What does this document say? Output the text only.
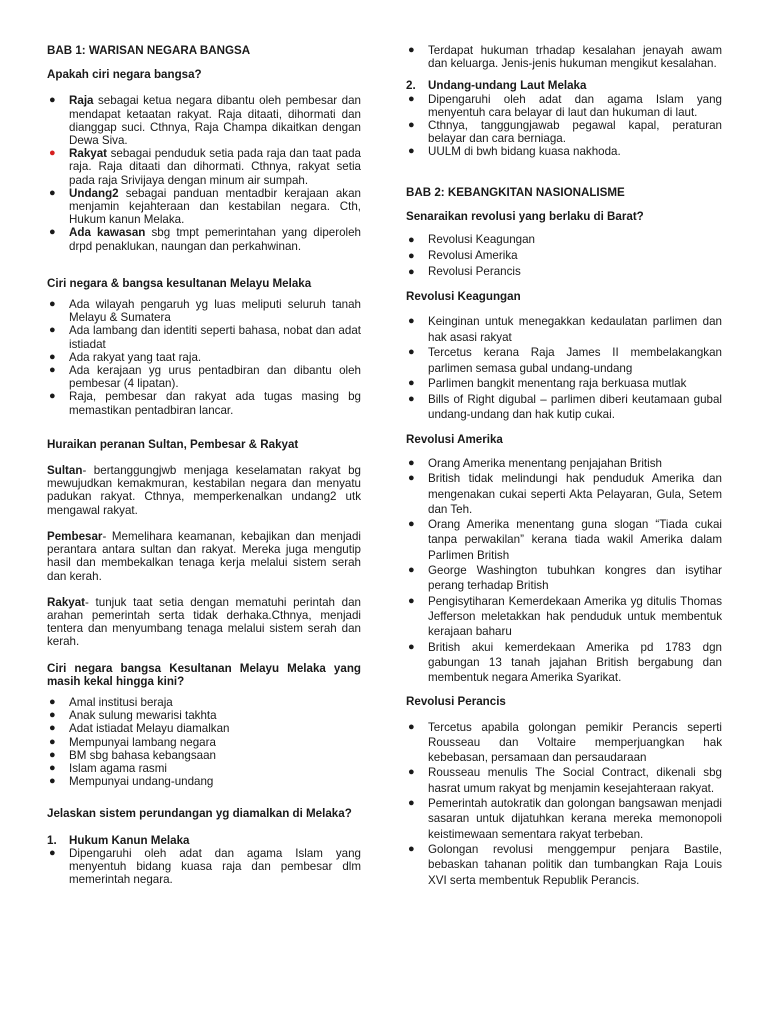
BAB 1: WARISAN NEGARA BANGSA

Apakah ciri negara bangsa?

● Raja sebagai ketua negara dibantu oleh pembesar dan mendapat ketaatan rakyat. Raja ditaati, dihormati dan dianggap suci. Cthnya, Raja Champa dikaitkan dengan Dewa Siva.
● Rakyat sebagai penduduk setia pada raja dan taat pada raja. Raja ditaati dan dihormati. Cthnya, rakyat setia pada raja Srivijaya dengan minum air sumpah.
● Undang2 sebagai panduan mentadbir kerajaan akan menjamin kejahteraan dan kestabilan negara. Cth, Hukum kanun Melaka.
● Ada kawasan sbg tmpt pemerintahan yang diperoleh drpd penaklukan, naungan dan perkahwinan.

Ciri negara & bangsa kesultanan Melayu Melaka

● Ada wilayah pengaruh yg luas meliputi seluruh tanah Melayu & Sumatera
● Ada lambang dan identiti seperti bahasa, nobat dan adat istiadat
● Ada rakyat yang taat raja.
● Ada kerajaan yg urus pentadbiran dan dibantu oleh pembesar (4 lipatan).
● Raja, pembesar dan rakyat ada tugas masing bg memastikan pentadbiran lancar.

Huraikan peranan Sultan, Pembesar & Rakyat

Sultan- bertanggungjwb menjaga keselamatan rakyat bg mewujudkan kemakmuran, kestabilan negara dan menyatu padukan rakyat. Cthnya, memperkenalkan undang2 utk mengawal rakyat.

Pembesar- Memelihara keamanan, kebajikan dan menjadi perantara antara sultan dan rakyat. Mereka juga mengutip hasil dan membekalkan tenaga kerja melalui sistem serah dan kerah.

Rakyat- tunjuk taat setia dengan mematuhi perintah dan arahan pemerintah serta tidak derhaka.Cthnya, menjadi tentera dan menyumbang tenaga melalui sistem serah dan kerah.

Ciri negara bangsa Kesultanan Melayu Melaka yang masih kekal hingga kini?

● Amal institusi beraja
● Anak sulung mewarisi takhta
● Adat istiadat Melayu diamalkan
● Mempunyai lambang negara
● BM sbg bahasa kebangsaan
● Islam agama rasmi
● Mempunyai undang-undang

Jelaskan sistem perundangan yg diamalkan di Melaka?

1. Hukum Kanun Melaka

● Dipengaruhi oleh adat dan agama Islam yang menyentuh bidang kuasa raja dan pembesar dlm memerintah negara.
● Terdapat hukuman trhadap kesalahan jenayah awam dan keluarga. Jenis-jenis hukuman mengikut kesalahan.

2. Undang-undang Laut Melaka

● Dipengaruhi oleh adat dan agama Islam yang menyentuh cara belayar di laut dan hukuman di laut.
● Cthnya, tanggungjawab pegawal kapal, peraturan belayar dan cara berniaga.
● UULM di bwh bidang kuasa nakhoda.

BAB 2: KEBANGKITAN NASIONALISME

Senaraikan revolusi yang berlaku di Barat?

● Revolusi Keagungan
● Revolusi Amerika
● Revolusi Perancis

Revolusi Keagungan

● Keinginan untuk menegakkan kedaulatan parlimen dan hak asasi rakyat
● Tercetus kerana Raja James II membelakangkan parlimen semasa gubal undang-undang
● Parlimen bangkit menentang raja berkuasa mutlak
● Bills of Right digubal – parlimen diberi keutamaan gubal undang-undang dan hak kutip cukai.

Revolusi Amerika

● Orang Amerika menentang penjajahan British
● British tidak melindungi hak penduduk Amerika dan mengenakan cukai seperti Akta Pelayaran, Gula, Setem dan Teh.
● Orang Amerika menentang guna slogan “Tiada cukai tanpa perwakilan” kerana tiada wakil Amerika dalam Parlimen British
● George Washington tubuhkan kongres dan isytihar perang terhadap British
● Pengisytiharan Kemerdekaan Amerika yg ditulis Thomas Jefferson meletakkan hak penduduk untuk membentuk kerajaan baharu
● British akui kemerdekaan Amerika pd 1783 dgn gabungan 13 tanah jajahan British bergabung dan membentuk negara Amerika Syarikat.

Revolusi Perancis

● Tercetus apabila golongan pemikir Perancis seperti Rousseau dan Voltaire memperjuangkan hak kebebasan, persamaan dan persaudaraan
● Rousseau menulis The Social Contract, dikenali sbg hasrat umum rakyat bg menjamin kesejahteraan rakyat.
● Pemerintah autokratik dan golongan bangsawan menjadi sasaran untuk dijatuhkan kerana mereka memonopoli keistimewaan sementara rakyat terbeban.
● Golongan revolusi menggempur penjara Bastile, bebaskan tahanan politik dan tumbangkan Raja Louis XVI serta membentuk Republik Perancis.
